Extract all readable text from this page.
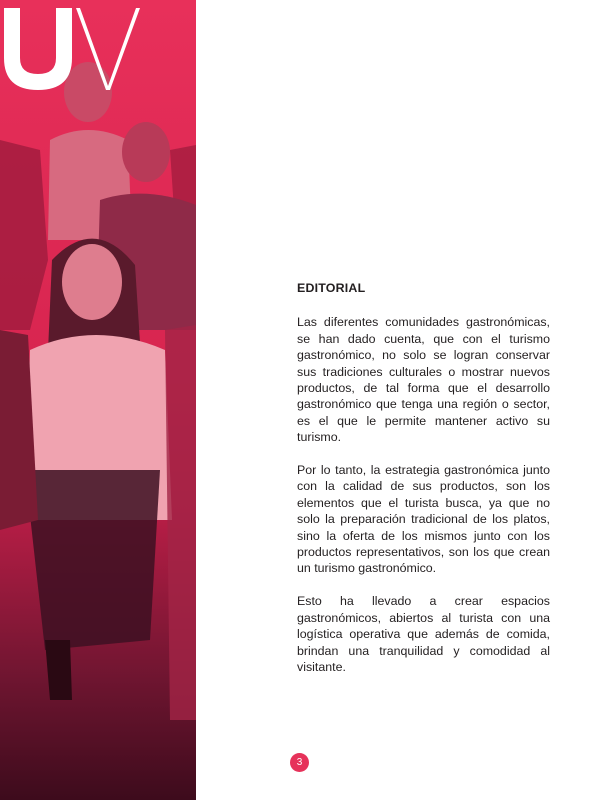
EDITORIAL

Las diferentes comunidades gastronómicas, se han dado cuenta, que con el turismo gastronómico, no solo se logran conservar sus tradiciones culturales o mostrar nuevos productos, de tal forma que el desarrollo gastronómico que tenga una región o sector, es el que le permite mantener activo su turismo.

Por lo tanto, la estrategia gastronómica junto con la calidad de sus productos, son los elementos que el turista busca, ya que no solo la preparación tradicional de los platos, sino la oferta de los mismos junto con los productos representativos, son los que crean un turismo gastronómico.

Esto ha llevado a crear espacios gastronómicos, abiertos al turista con una logística operativa que además de comida, brindan una tranquilidad y comodidad al visitante.

3
